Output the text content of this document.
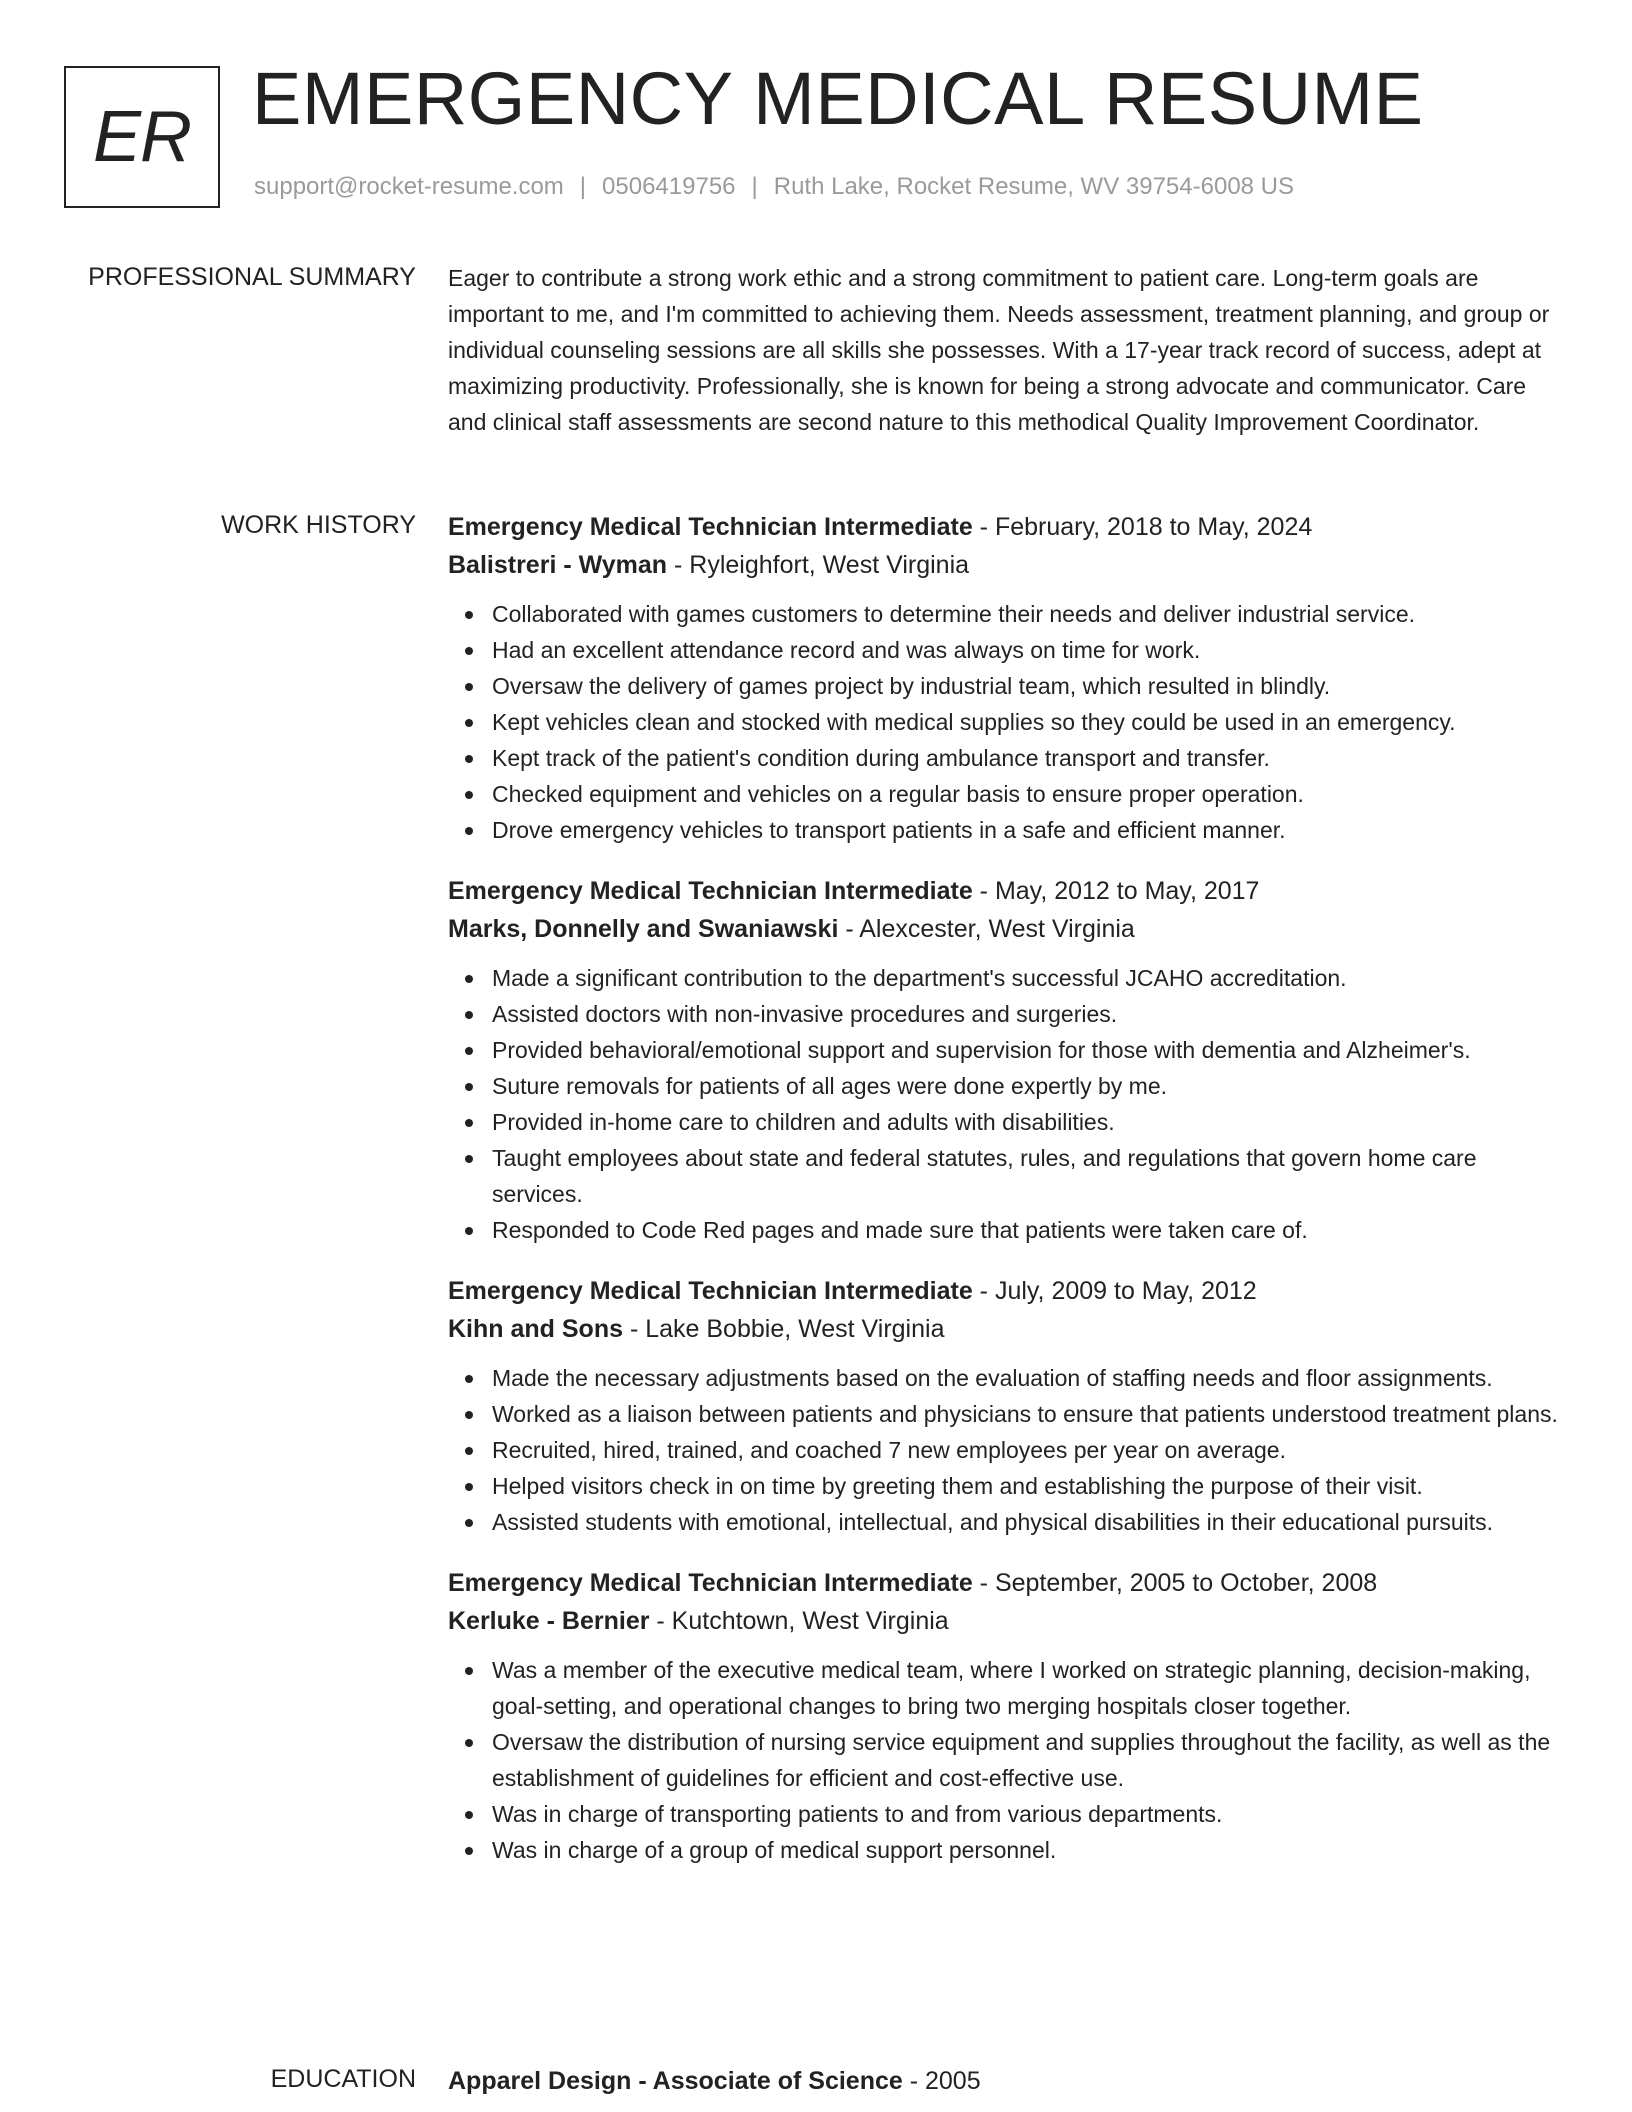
ER EMERGENCY MEDICAL RESUME
support@rocket-resume.com | 0506419756 | Ruth Lake, Rocket Resume, WV 39754-6008 US
PROFESSIONAL SUMMARY Eager to contribute a strong work ethic and a strong commitment to patient care. Long-term goals are important to me, and I'm committed to achieving them. Needs assessment, treatment planning, and group or individual counseling sessions are all skills she possesses. With a 17-year track record of success, adept at maximizing productivity. Professionally, she is known for being a strong advocate and communicator. Care and clinical staff assessments are second nature to this methodical Quality Improvement Coordinator.

WORK HISTORY Emergency Medical Technician Intermediate - February, 2018 to May, 2024

Balistreri - Wyman - Ryleighfort, West Virginia

Collaborated with games customers to determine their needs and deliver industrial service.
Had an excellent attendance record and was always on time for work.
Oversaw the delivery of games project by industrial team, which resulted in blindly.
Kept vehicles clean and stocked with medical supplies so they could be used in an emergency.
Kept track of the patient's condition during ambulance transport and transfer.
Checked equipment and vehicles on a regular basis to ensure proper operation.
Drove emergency vehicles to transport patients in a safe and efficient manner.

Emergency Medical Technician Intermediate - May, 2012 to May, 2017

Marks, Donnelly and Swaniawski - Alexcester, West Virginia

Made a significant contribution to the department's successful JCAHO accreditation.
Assisted doctors with non-invasive procedures and surgeries.
Provided behavioral/emotional support and supervision for those with dementia and Alzheimer's.
Suture removals for patients of all ages were done expertly by me.
Provided in-home care to children and adults with disabilities.
Taught employees about state and federal statutes, rules, and regulations that govern home care services.
Responded to Code Red pages and made sure that patients were taken care of.

Emergency Medical Technician Intermediate - July, 2009 to May, 2012

Kihn and Sons - Lake Bobbie, West Virginia

Made the necessary adjustments based on the evaluation of staffing needs and floor assignments.
Worked as a liaison between patients and physicians to ensure that patients understood treatment plans.
Recruited, hired, trained, and coached 7 new employees per year on average.
Helped visitors check in on time by greeting them and establishing the purpose of their visit.
Assisted students with emotional, intellectual, and physical disabilities in their educational pursuits.

Emergency Medical Technician Intermediate - September, 2005 to October, 2008

Kerluke - Bernier - Kutchtown, West Virginia

Was a member of the executive medical team, where I worked on strategic planning, decision-making, goal-setting, and operational changes to bring two merging hospitals closer together.
Oversaw the distribution of nursing service equipment and supplies throughout the facility, as well as the establishment of guidelines for efficient and cost-effective use.
Was in charge of transporting patients to and from various departments.
Was in charge of a group of medical support personnel.
EDUCATION Apparel Design - Associate of Science - 2005
